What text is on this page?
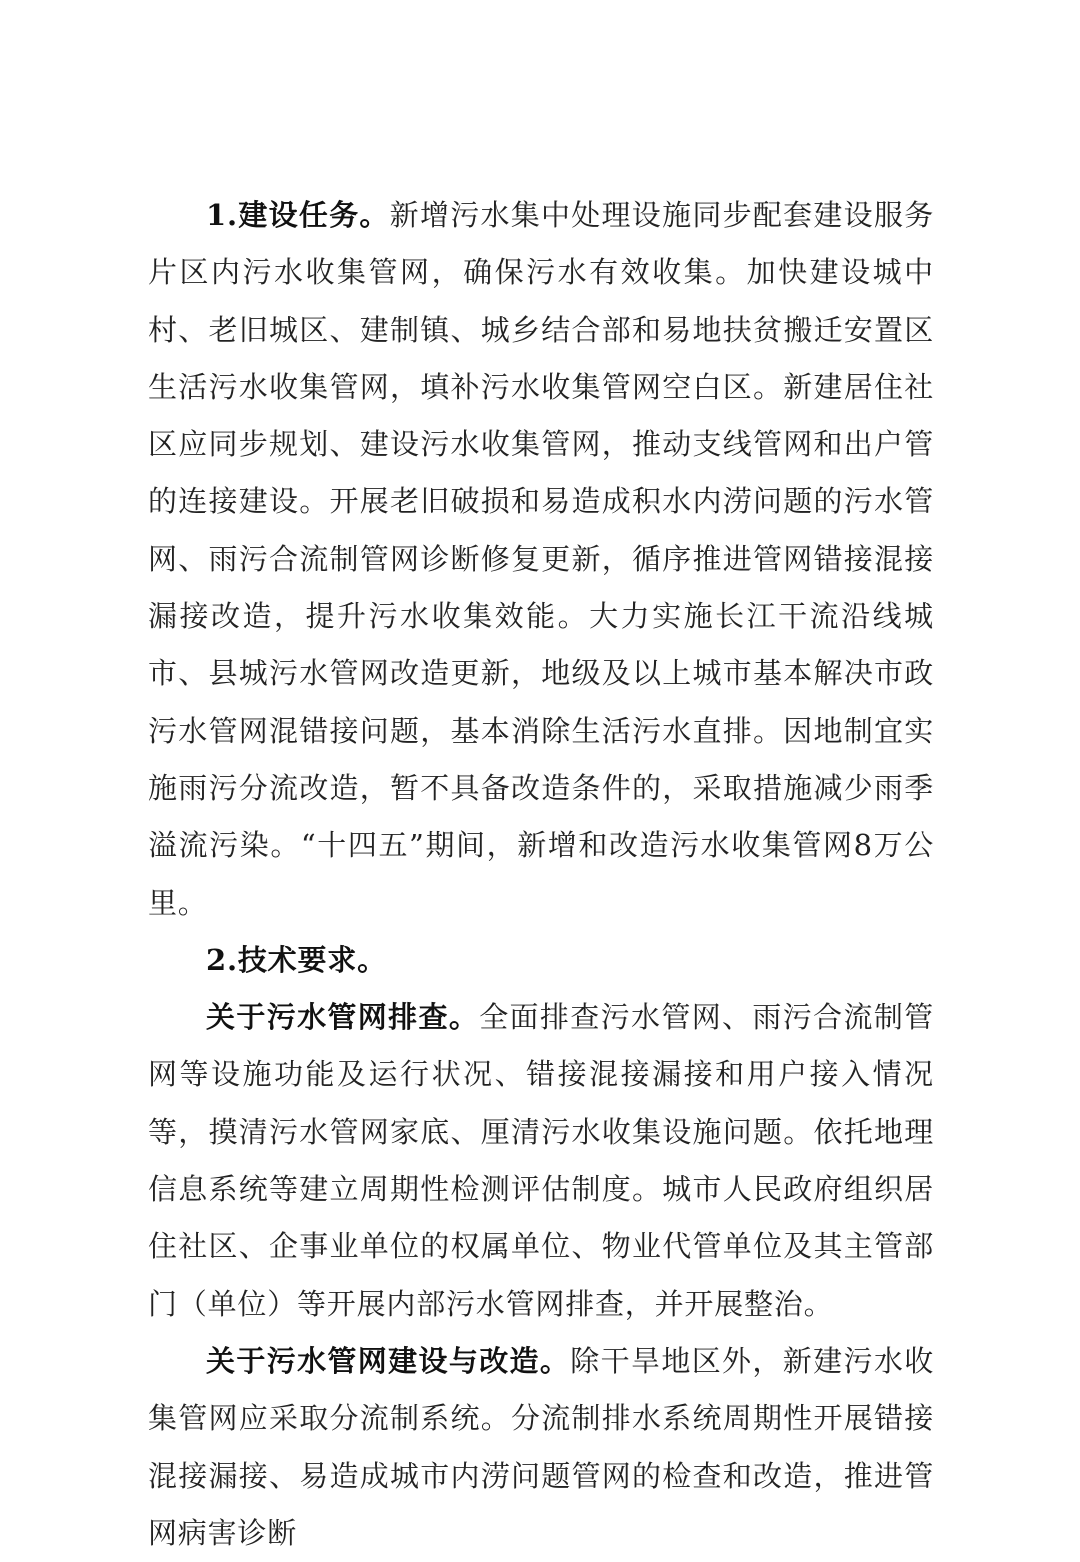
1.建设任务。新增污水集中处理设施同步配套建设服务片区内污水收集管网，确保污水有效收集。加快建设城中村、老旧城区、建制镇、城乡结合部和易地扶贫搬迁安置区生活污水收集管网，填补污水收集管网空白区。新建居住社区应同步规划、建设污水收集管网，推动支线管网和出户管的连接建设。开展老旧破损和易造成积水内涝问题的污水管网、雨污合流制管网诊断修复更新，循序推进管网错接混接漏接改造，提升污水收集效能。大力实施长江干流沿线城市、县城污水管网改造更新，地级及以上城市基本解决市政污水管网混错接问题，基本消除生活污水直排。因地制宜实施雨污分流改造，暂不具备改造条件的，采取措施减少雨季溢流污染。“十四五”期间，新增和改造污水收集管网8万公里。

2.技术要求。

关于污水管网排查。全面排查污水管网、雨污合流制管网等设施功能及运行状况、错接混接漏接和用户接入情况等，摸清污水管网家底、厘清污水收集设施问题。依托地理信息系统等建立周期性检测评估制度。城市人民政府组织居住社区、企事业单位的权属单位、物业代管单位及其主管部门（单位）等开展内部污水管网排查，并开展整治。

关于污水管网建设与改造。除干旱地区外，新建污水收集管网应采取分流制系统。分流制排水系统周期性开展错接混接漏接、易造成城市内涝问题管网的检查和改造，推进管网病害诊断
